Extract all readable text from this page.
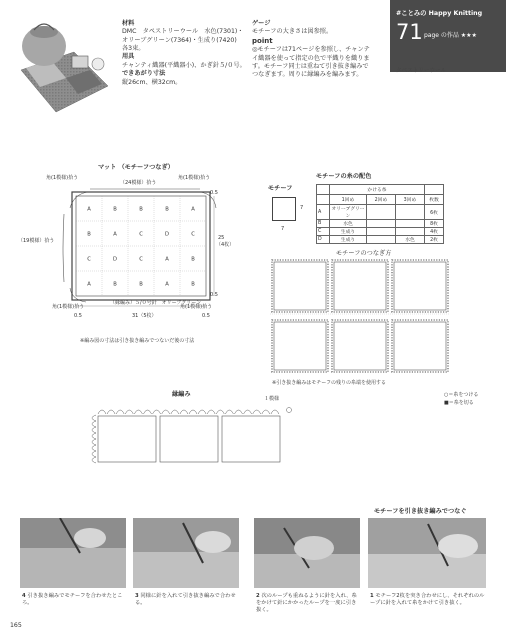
#ことみの Happy Knitting
71 page の作品 ★★★
タペストリーウール
材料
DMC　タペストリーウール　水色(7301)・
オリーブグリーン(7364)・生成り(7420)
各3束。
用具
チャンティ織器(平織器小)、かぎ針５/０号。
できあがり寸法
縦26cm、横32cm。
ゲージ
モチーフの大きさは図参照。
point
◎モチーフは71ページを参照し、チャンテ
イ織器を使って指定の色で平織りを織りま
す。モチーフ同士は重ねて引き抜き編みで
つなぎます。周りに縁編みを編みます。
マット （モチーフつなぎ）
（24模様）拾う
角(1模様)拾う	角(1模様)拾う
（19模様）拾う
角(1模様)拾う	角(1模様)拾う
A	B	B	B	A
B	A	C	D	C
C	D	C	A	B
A	B	B	A	B
25
（4枚）
0.5
0.5
0.5	0.5
31（5枚）
（縁編み）５/０号針　オリーブグリーン
※編み図の寸法は引き抜き編みでつないだ後の寸法
モチーフ
7
7
モチーフの糸の配色
	かける糸			
	1回め	2回め	3回め	枚数
A	オリーブグリーン			6枚
B	水色			8枚
C	生成り			4枚
D	生成り		水色	2枚
モチーフのつなぎ方
※引き抜き編みはモチーフの残りの糸端を使用する
縁編み
１模様
○＝糸をつける
■＝糸を切る
モチーフを引き抜き編みでつなぐ
4 引き抜き編みでモチーフを合わせたところ。
3 同様に針を入れて引き抜き編みで合わせる。
2 次のループも重ねるように針を入れ、糸をかけて針にかかったループを一度に引き抜く。
1 モチーフ2枚を突き合わせにし、それぞれのループに針を入れて糸をかけて引き抜く。
165
